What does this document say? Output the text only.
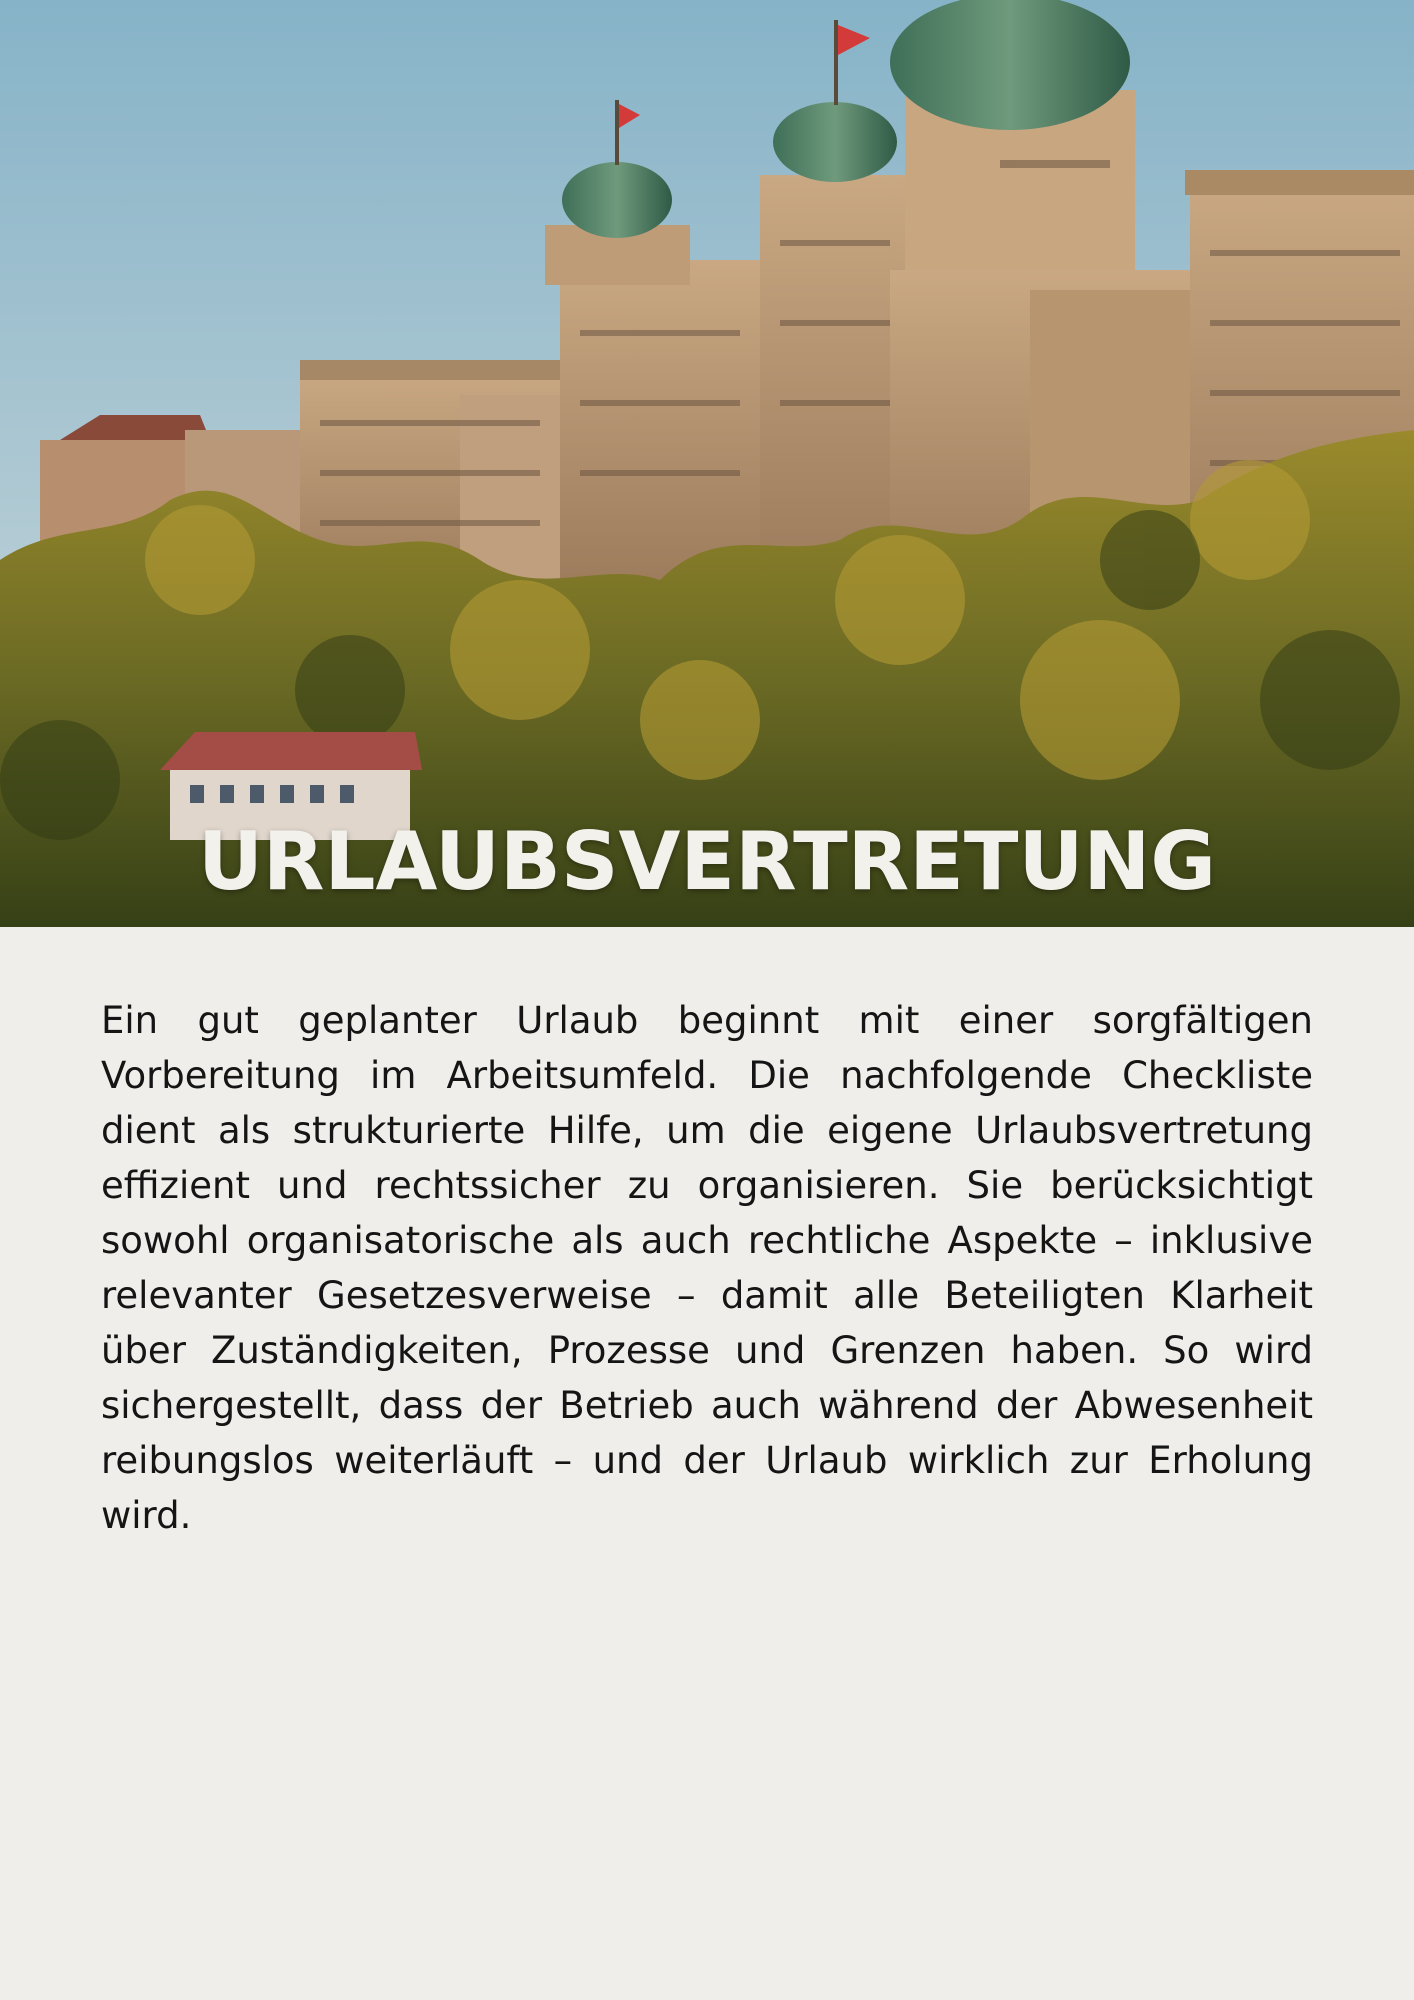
URLAUBSVERTRETUNG

Ein gut geplanter Urlaub beginnt mit einer sorgfältigen Vorbereitung im Arbeitsumfeld. Die nachfolgende Checkliste dient als strukturierte Hilfe, um die eigene Urlaubsvertretung effizient und rechtssicher zu organisieren. Sie berücksichtigt sowohl organisatorische als auch rechtliche Aspekte – inklusive relevanter Gesetzesverweise – damit alle Beteiligten Klarheit über Zuständigkeiten, Prozesse und Grenzen haben. So wird sichergestellt, dass der Betrieb auch während der Abwesenheit reibungslos weiterläuft – und der Urlaub wirklich zur Erholung wird.
